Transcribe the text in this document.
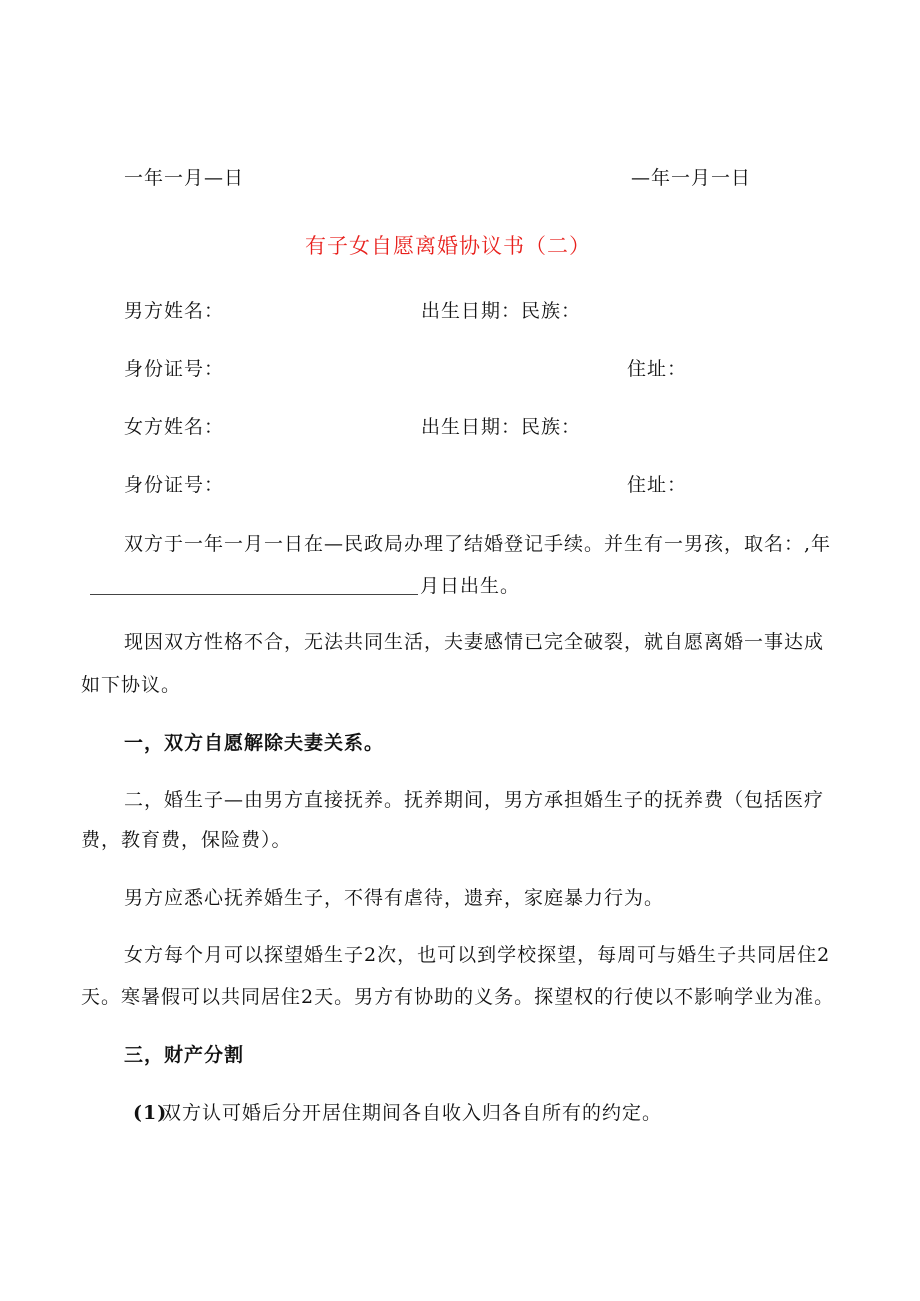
一年一月—日	—年一月一日
有子女自愿离婚协议书（二）
男方姓名：	出生日期：民族：
身份证号：	住址：
女方姓名：	出生日期：民族：
身份证号：	住址：
双方于一年一月一日在—民政局办理了结婚登记手续。并生有一男孩，取名：,年
月日出生。
现因双方性格不合，无法共同生活，夫妻感情已完全破裂，就自愿离婚一事达成
如下协议。
一，双方自愿解除夫妻关系。
二，婚生子—由男方直接抚养。抚养期间，男方承担婚生子的抚养费（包括医疗
费，教育费，保险费）。
男方应悉心抚养婚生子，不得有虐待，遗弃，家庭暴力行为。
女方每个月可以探望婚生子2次，也可以到学校探望，每周可与婚生子共同居住2
天。寒暑假可以共同居住2天。男方有协助的义务。探望权的行使以不影响学业为准。
三，财产分割
(1)
双方认可婚后分开居住期间各自收入归各自所有的约定。
